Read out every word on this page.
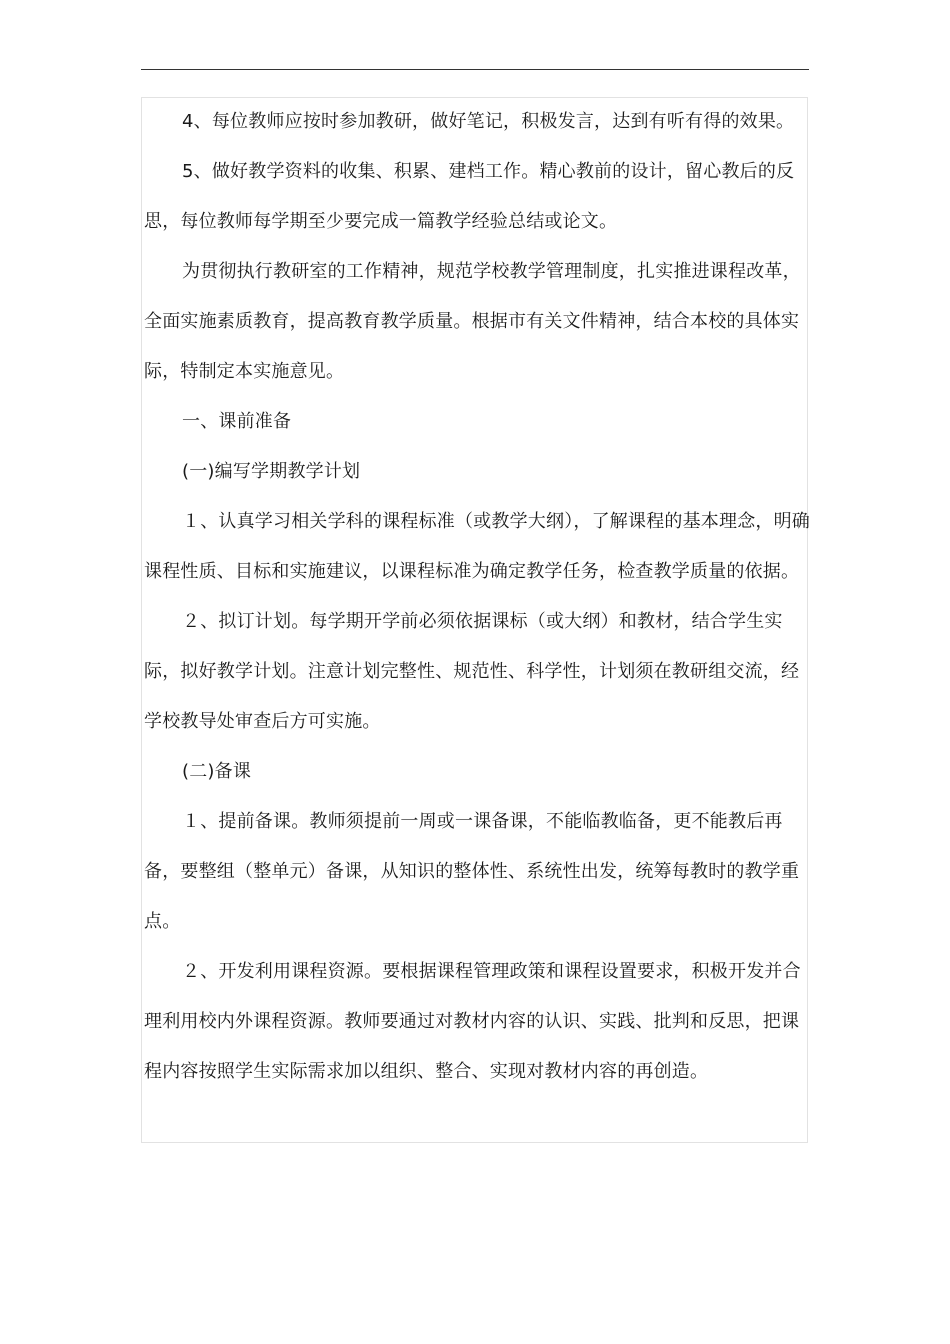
4、每位教师应按时参加教研，做好笔记，积极发言，达到有听有得的效果。

5、做好教学资料的收集、积累、建档工作。精心教前的设计，留心教后的反思，每位教师每学期至少要完成一篇教学经验总结或论文。

为贯彻执行教研室的工作精神，规范学校教学管理制度，扎实推进课程改革，全面实施素质教育，提高教育教学质量。根据市有关文件精神，结合本校的具体实际，特制定本实施意见。

一、课前准备

(一)编写学期教学计划

１、认真学习相关学科的课程标准（或教学大纲），了解课程的基本理念，明确课程性质、目标和实施建议，以课程标准为确定教学任务，检查教学质量的依据。

２、拟订计划。每学期开学前必须依据课标（或大纲）和教材，结合学生实际，拟好教学计划。注意计划完整性、规范性、科学性，计划须在教研组交流，经学校教导处审查后方可实施。

(二)备课

１、提前备课。教师须提前一周或一课备课，不能临教临备，更不能教后再备，要整组（整单元）备课，从知识的整体性、系统性出发，统筹每教时的教学重点。

２、开发利用课程资源。要根据课程管理政策和课程设置要求，积极开发并合理利用校内外课程资源。教师要通过对教材内容的认识、实践、批判和反思，把课程内容按照学生实际需求加以组织、整合、实现对教材内容的再创造。
